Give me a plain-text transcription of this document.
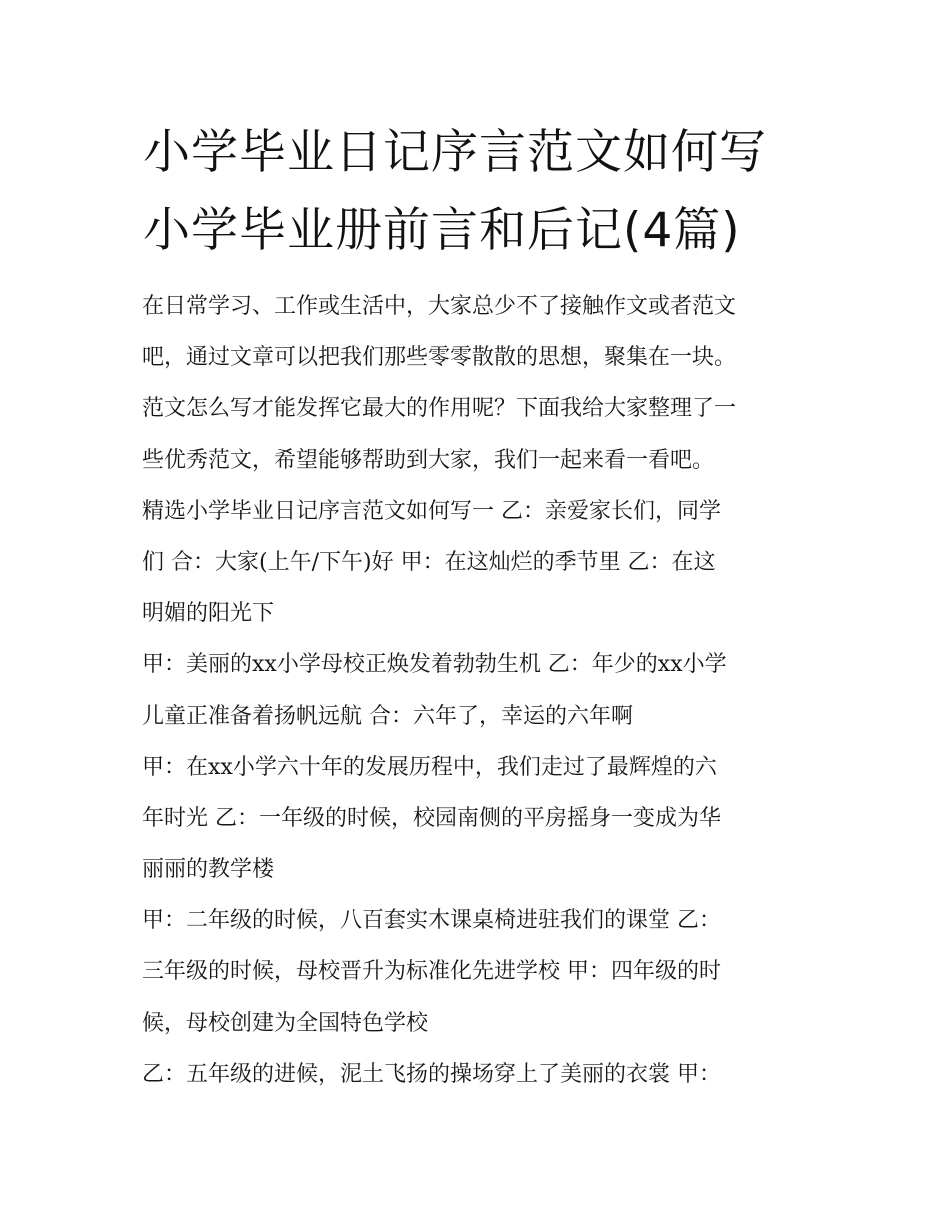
小学毕业日记序言范文如何写
小学毕业册前言和后记(4篇)
在日常学习、工作或生活中，大家总少不了接触作文或者范文
吧，通过文章可以把我们那些零零散散的思想，聚集在一块。
范文怎么写才能发挥它最大的作用呢？下面我给大家整理了一
些优秀范文，希望能够帮助到大家，我们一起来看一看吧。
精选小学毕业日记序言范文如何写一 乙：亲爱家长们，同学
们 合：大家(上午/下午)好 甲：在这灿烂的季节里 乙：在这
明媚的阳光下
甲：美丽的xx小学母校正焕发着勃勃生机 乙：年少的xx小学
儿童正准备着扬帆远航 合：六年了，幸运的六年啊
甲：在xx小学六十年的发展历程中，我们走过了最辉煌的六
年时光 乙：一年级的时候，校园南侧的平房摇身一变成为华
丽丽的教学楼
甲：二年级的时候，八百套实木课桌椅进驻我们的课堂 乙：
三年级的时候，母校晋升为标准化先进学校 甲：四年级的时
候，母校创建为全国特色学校
乙：五年级的进候，泥土飞扬的操场穿上了美丽的衣裳 甲：
